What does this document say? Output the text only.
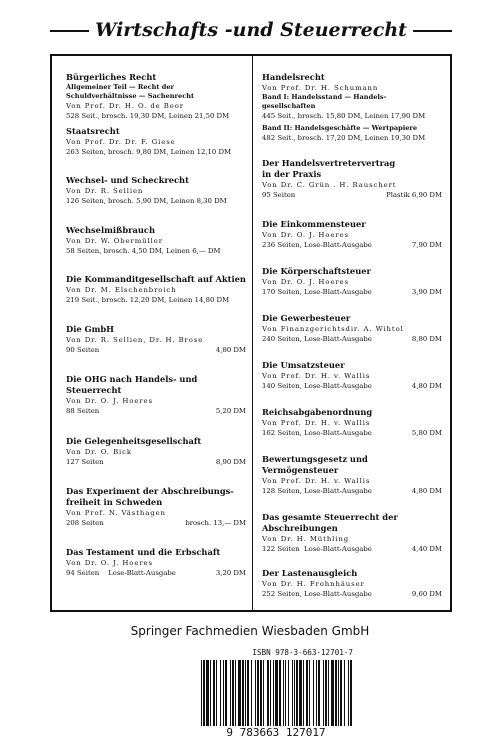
Wirtschafts -und Steuerrecht
Bürgerliches Recht
Allgemeiner Teil — Recht der
Schuldverhältnisse — Sachenrecht
Von Prof. Dr. H. O. de Boor
528 Seit., brosch. 19,30 DM, Leinen 21,50 DM
Staatsrecht
Von Prof. Dr. Dr. F. Giese
263 Seiten, brosch. 9,80 DM, Leinen 12,10 DM
Wechsel- und Scheckrecht
Von Dr. R. Sellien
126 Seiten, brosch. 5,90 DM, Leinen 8,30 DM
Wechselmißbrauch
Von Dr. W. Obermüller
58 Seiten, brosch. 4,50 DM, Leinen 6,— DM
Die Kommanditgesellschaft auf Aktien
Von Dr. M. Elschenbroich
219 Seit., brosch. 12,20 DM, Leinen 14,80 DM
Die GmbH
Von Dr. R. Sellien, Dr. H. Brose
90 Seiten	4,80 DM
Die OHG nach Handels- und
Steuerrecht
Von Dr. O. J. Hoeres
88 Seiten	5,20 DM
Die Gelegenheitsgesellschaft
Von Dr. O. Bick
127 Seiten	8,90 DM
Das Experiment der Abschreibungs-
freiheit in Schweden
Von Prof. N. Västhagen
208 Seiten	brosch. 13,— DM
Das Testament und die Erbschaft
Von Dr. O. J. Hoeres
94 Seiten    Lose-Blatt-Ausgabe	3,20 DM
Handelsrecht
Von Prof. Dr. H. Schumann
Band I: Handelsstand — Handels-
gesellschaften
445 Seit., brosch. 15,80 DM, Leinen 17,90 DM
Band II: Handelsgeschäfte — Wertpapiere
482 Seit., brosch. 17,20 DM, Leinen 19,30 DM
Der Handelsvertretervertrag
in der Praxis
Von Dr. C. Grün . H. Rauschert
95 Seiten	Plastik 6,90 DM
Die Einkommensteuer
Von Dr. O. J. Hoeres
236 Seiten, Lose-Blatt-Ausgabe	7,90 DM
Die Körperschaftsteuer
Von Dr. O. J. Hoeres
170 Seiten, Lose-Blatt-Ausgabe	3,90 DM
Die Gewerbesteuer
Von Finanzgerichtsdir. A. Wihtol
240 Seiten, Lose-Blatt-Ausgabe	8,80 DM
Die Umsatzsteuer
Von Prof. Dr. H. v. Wallis
140 Seiten, Lose-Blatt-Ausgabe	4,80 DM
Reichsabgabenordnung
Von Prof. Dr. H. v. Wallis
162 Seiten, Lose-Blatt-Ausgabe	5,80 DM
Bewertungsgesetz und
Vermögensteuer
Von Prof. Dr. H. v. Wallis
128 Seiten, Lose-Blatt-Ausgabe	4,80 DM
Das gesamte Steuerrecht der
Abschreibungen
Von Dr. H. Müthling
122 Seiten  Lose-Blatt-Ausgabe	4,40 DM
Der Lastenausgleich
Von Dr. H. Frohnhäuser
252 Seiten, Lose-Blatt-Ausgabe	9,60 DM
Springer Fachmedien Wiesbaden GmbH
ISBN 978-3-663-12701-7
9 783663 127017
